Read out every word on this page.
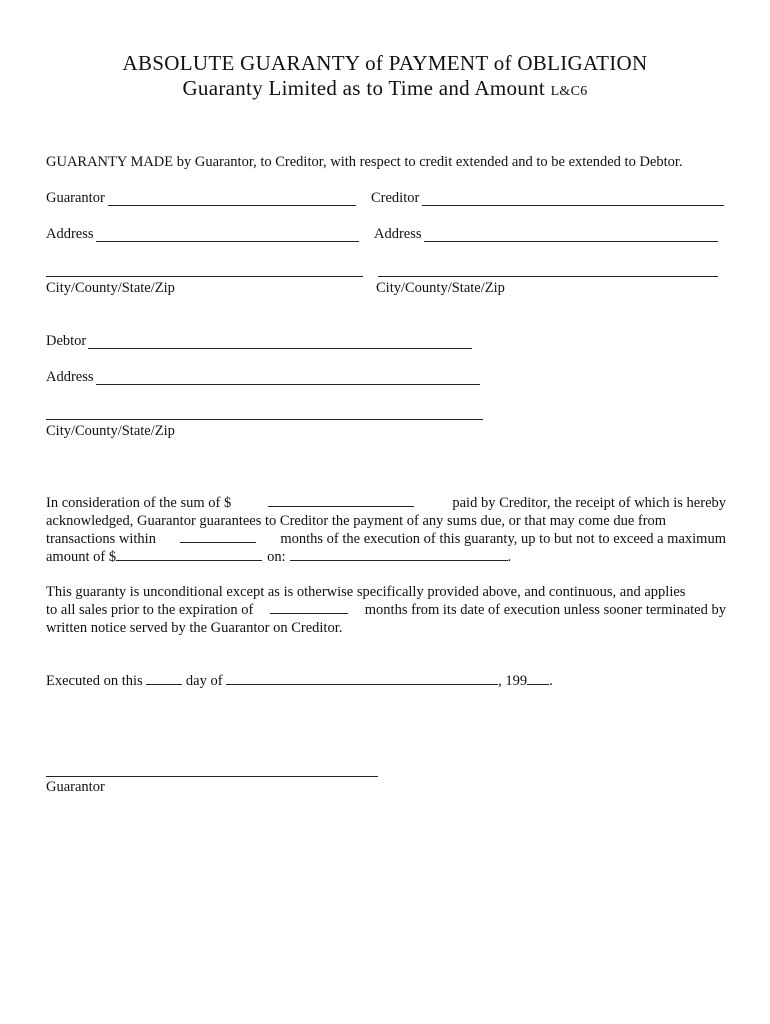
ABSOLUTE GUARANTY of PAYMENT of OBLIGATION
Guaranty Limited as to Time and Amount L&C6
GUARANTY MADE by Guarantor, to Creditor, with respect to credit extended and to be extended to Debtor.
Guarantor	Creditor
Address	Address
City/County/State/Zip	City/County/State/Zip
Debtor
Address
City/County/State/Zip
In consideration of the sum of $	paid by Creditor, the receipt of which is hereby
acknowledged, Guarantor guarantees to Creditor the payment of any sums due, or that may come due from
transactions within	months of the execution of this guaranty, up to but not to exceed a maximum
amount of $	on:	.
This guaranty is unconditional except as is otherwise specifically provided above, and continuous, and applies
to all sales prior to the expiration of	months from its date of execution unless sooner terminated by
written notice served by the Guarantor on Creditor.
Executed on this	day of	, 199 .
Guarantor
